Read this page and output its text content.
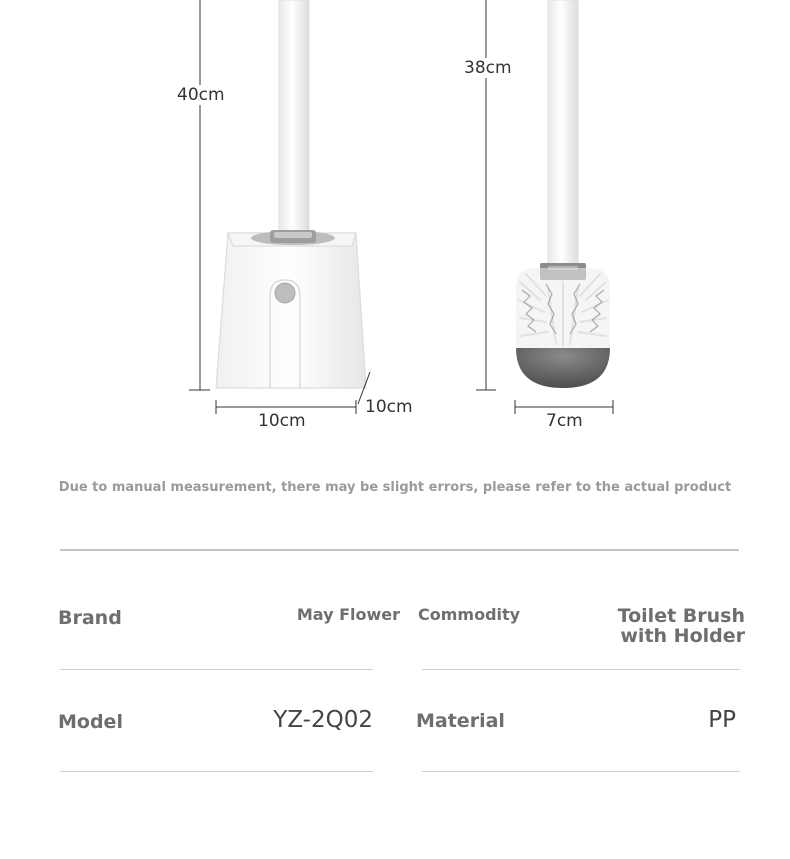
40cm
38cm
10cm
10cm
7cm
Due to manual measurement, there may be slight errors, please refer to the actual product
Brand	May Flower Commodity	Toilet Brush
with Holder
Model	YZ-2Q02 Material	PP
